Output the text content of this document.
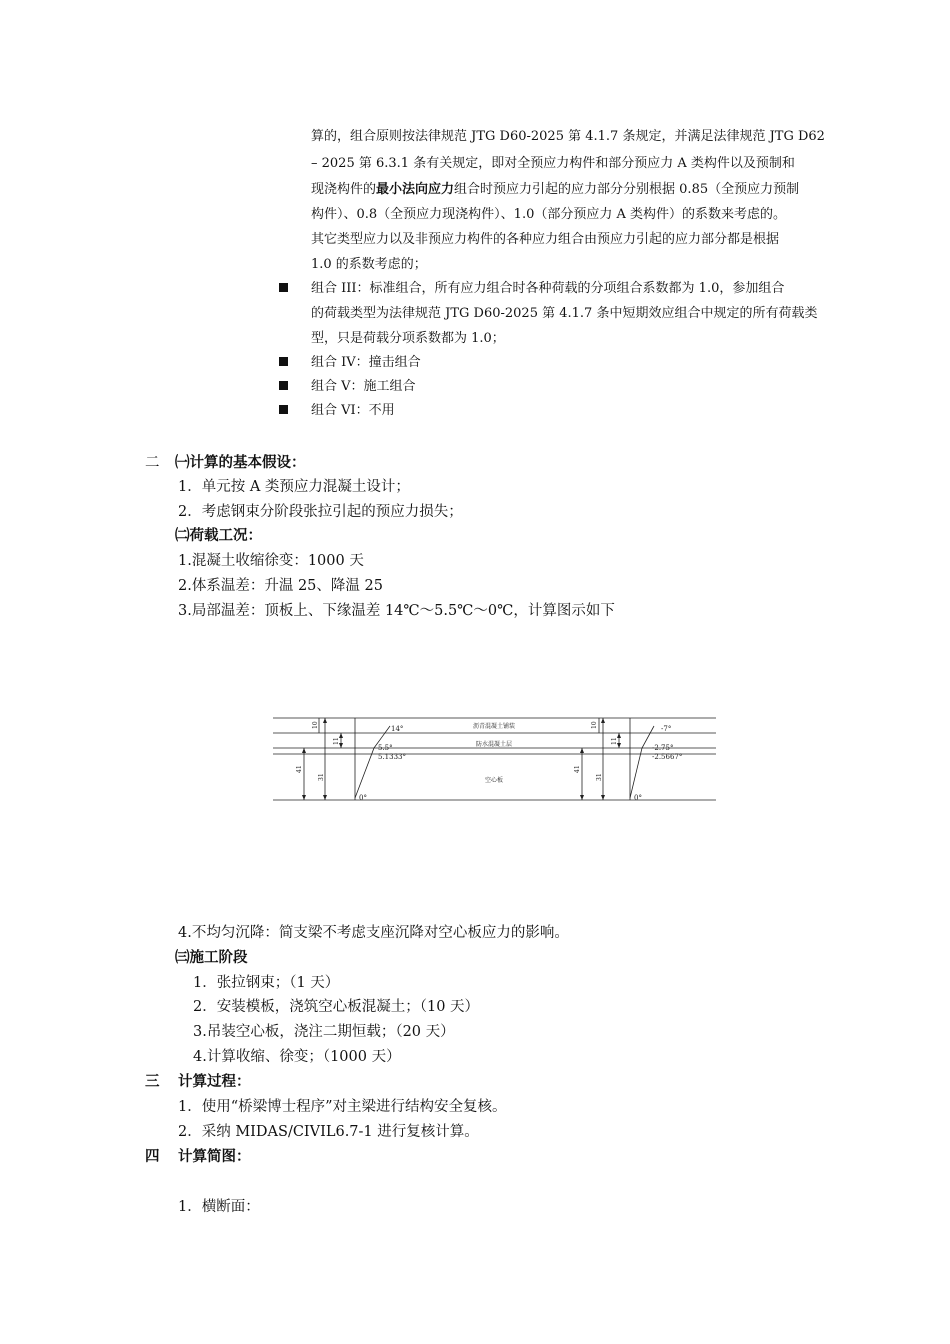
算的，组合原则按法律规范 JTG D60-2025 第 4.1.7 条规定，并满足法律规范 JTG D62
– 2025 第 6.3.1 条有关规定，即对全预应力构件和部分预应力 A 类构件以及预制和
现浇构件的最小法向应力组合时预应力引起的应力部分分别根据 0.85（全预应力预制
构件）、0.8（全预应力现浇构件）、1.0（部分预应力 A 类构件）的系数来考虑的。
其它类型应力以及非预应力构件的各种应力组合由预应力引起的应力部分都是根据
1.0 的系数考虑的；
组合 III：标准组合，所有应力组合时各种荷载的分项组合系数都为 1.0，参加组合
的荷载类型为法律规范 JTG D60-2025 第 4.1.7 条中短期效应组合中规定的所有荷载类
型，只是荷载分项系数都为 1.0；
组合 IV：撞击组合
组合 V：施工组合
组合 VI：不用
二 ㈠计算的基本假设：
1．单元按 A 类预应力混凝土设计；
2．考虑钢束分阶段张拉引起的预应力损失；
㈡荷载工况：
1.混凝土收缩徐变：1000 天
2.体系温差：升温 25、降温 25
3.局部温差：顶板上、下缘温差 14℃～5.5℃～0℃，计算图示如下
10
11
31
41
10
11
31
41
14°
5.5°
5.1333°
0°
-7°
-2.75°
-2.5667°
0°
沥青混凝土铺装
防水混凝土层
空心板
4.不均匀沉降：简支梁不考虑支座沉降对空心板应力的影响。
㈢施工阶段
1．张拉钢束；（1 天）
2．安装模板，浇筑空心板混凝土；（10 天）
3.吊装空心板，浇注二期恒载；（20 天）
4.计算收缩、徐变；（1000 天）
三 计算过程：
1．使用“桥梁博士程序”对主梁进行结构安全复核。
2．采纳 MIDAS/CIVIL6.7-1 进行复核计算。
四 计算简图：
1．横断面：
